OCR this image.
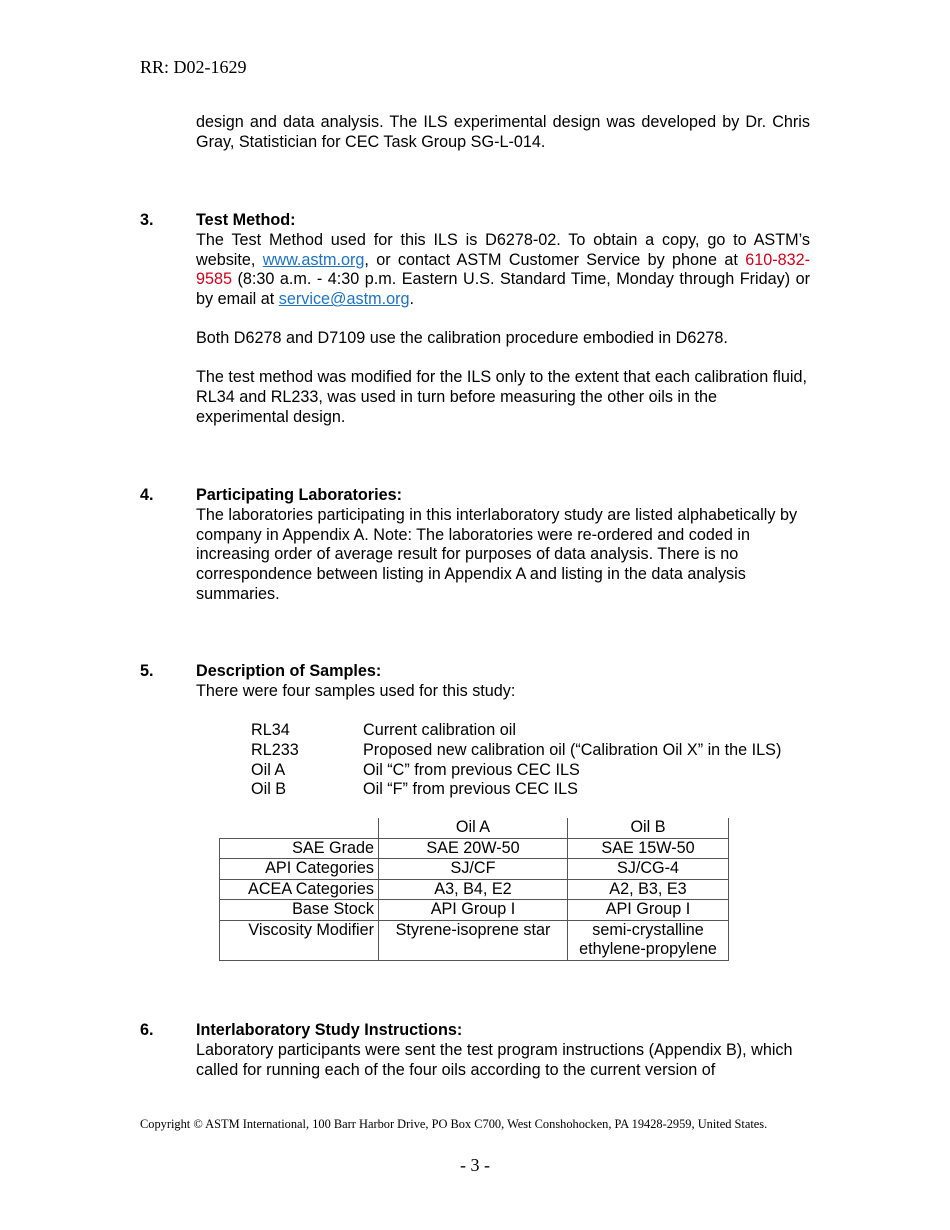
RR: D02-1629
design and data analysis. The ILS experimental design was developed by Dr. Chris Gray, Statistician for CEC Task Group SG-L-014.
3.	Test Method:
The Test Method used for this ILS is D6278-02. To obtain a copy, go to ASTM’s website, www.astm.org, or contact ASTM Customer Service by phone at 610-832-9585 (8:30 a.m. - 4:30 p.m. Eastern U.S. Standard Time, Monday through Friday) or by email at service@astm.org.
Both D6278 and D7109 use the calibration procedure embodied in D6278.
The test method was modified for the ILS only to the extent that each calibration fluid, RL34 and RL233, was used in turn before measuring the other oils in the experimental design.
4.	Participating Laboratories:
The laboratories participating in this interlaboratory study are listed alphabetically by company in Appendix A. Note: The laboratories were re-ordered and coded in increasing order of average result for purposes of data analysis. There is no correspondence between listing in Appendix A and listing in the data analysis summaries.
5.	Description of Samples:
There were four samples used for this study:
RL34	Current calibration oil
RL233	Proposed new calibration oil (“Calibration Oil X” in the ILS)
Oil A	Oil “C” from previous CEC ILS
Oil B	Oil “F” from previous CEC ILS
	Oil A	Oil B
SAE Grade	SAE 20W-50	SAE 15W-50
API Categories	SJ/CF	SJ/CG-4
ACEA Categories	A3, B4, E2	A2, B3, E3
Base Stock	API Group I	API Group I
Viscosity Modifier	Styrene-isoprene star	semi-crystalline
ethylene-propylene
6.	Interlaboratory Study Instructions:
Laboratory participants were sent the test program instructions (Appendix B), which called for running each of the four oils according to the current version of
Copyright © ASTM International, 100 Barr Harbor Drive, PO Box C700, West Conshohocken, PA 19428-2959, United States.
- 3 -
